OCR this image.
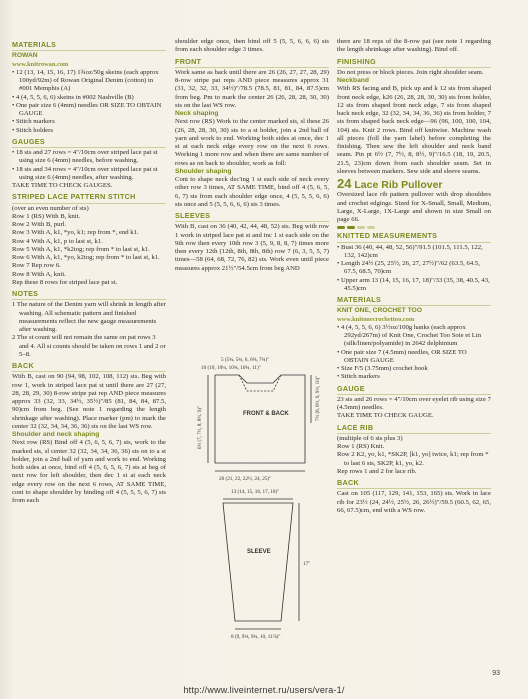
MATERIALS
ROWAN
www.knitrowan.com

• 12 (13, 14, 15, 16, 17) 1¾oz/50g skeins (each approx 100yd/92m) of Rowan Original Denim (cotton) in #001 Memphis (A)

• 4 (4, 5, 5, 6, 6) skeins in #002 Nashville (B)

• One pair size 6 (4mm) needles OR SIZE TO OBTAIN GAUGE

• Stitch markers

• Stitch holders

GAUGES

• 18 sts and 27 rows = 4"/10cm over striped lace pat st using size 6 (4mm) needles, before washing.

• 18 sts and 34 rows = 4"/10cm over striped lace pat st using size 6 (4mm) needles, after washing.

TAKE TIME TO CHECK GAUGES.

STRIPED LACE PATTERN STITCH

(over an even number of sts)

Row 1 (RS) With B, knit.

Row 2 With B, purl.

Row 3 With A, k1, *yo, k1; rep from *, end k1.

Row 4 With A, k1, p to last st, k1.

Row 5 With A, k1, *k2tog; rep from * to last st, k1.

Row 6 With A, k1, *yo, k2tog; rep from * to last st, k1.

Row 7 Rep row 6.

Row 8 With A, knit.

Rep these 8 rows for striped lace pat st.

NOTES

1 The nature of the Denim yarn will shrink in length after washing. All schematic pattern and finished measurements reflect the new gauge measurements after washing.

2 The st count will not remain the same on pat rows 3 and 4. All st counts should be taken on rows 1 and 2 or 5–8.

BACK

With B, cast on 90 (94, 98, 102, 108, 112) sts. Beg with row 1, work in striped lace pat st until there are 27 (27, 28, 28, 29, 30) 8-row stripe pat rep AND piece measures approx 33 (32, 33, 34½, 35½)"/85 (81, 84, 84, 87.5, 90)cm from beg. (See note 1 regarding the length shrinkage after washing). Place marker (pm) to mark the center 32 (32, 34, 34, 36, 36) sts on the last WS row.

Shoulder and neck shaping

Next row (RS) Bind off 4 (5, 6, 5, 6, 7) sts, work to the marked sts, sl center 32 (32, 34, 34, 36, 36) sts on to a st holder, join a 2nd ball of yarn and work to end. Working both sides at once, bind off 4 (5, 6, 5, 6, 7) sts at beg of next row for left shoulder, then dec 1 st at each neck edge every row on the next 6 rows, AT SAME TIME, cont to shape shoulder by binding off 4 (5, 5, 5, 6, 7) sts from each

shoulder edge once, then bind off 5 (5, 5, 6, 6, 6) sts from each shoulder edge 3 times.

FRONT

Work same as back until there are 26 (26, 27, 27, 28, 29) 8-row stripe pat reps AND piece measures approx 31 (31, 32, 32, 33, 34½)"/78.5 (78.5, 81, 81, 84, 87.5)cm from beg. Pm to mark the center 26 (26, 28, 28, 30, 30) sts on the last WS row.

Neck shaping

Next row (RS) Work to the center marked sts, sl these 26 (26, 28, 28, 30, 30) sts to a st holder, join a 2nd ball of yarn and work to end. Working both sides at once, dec 1 st at each neck edge every row on the next 6 rows. Working 1 more row and when there are same number of rows as on back to shoulder, work as foll:

Shoulder shaping

Cont to shape neck dec'ing 1 st each side of neck every other row 3 times, AT SAME TIME, bind off 4 (5, 6, 5, 6, 7) sts from each shoulder edge once, 4 (5, 5, 5, 6, 6) sts once and 5 (5, 5, 6, 6, 6) sts 3 times.

SLEEVES

With B, cast on 36 (40, 42, 44, 48, 52) sts. Beg with row 1 work in striped lace pat st and inc 1 st each side on the 9th row then every 10th row 3 (5, 9, 8, 8, 7) times more then every 12th (12th, 8th, 8th, 8th) row 7 (6, 3, 5, 5, 7) times—58 (64, 68, 72, 76, 82) sts. Work even until piece measures approx 21½"/54.5cm from beg AND

5 (5¾, 5¾, 6, 6⅝, 7¾)"
10 (10, 10¼, 10¾, 10¾, 11)"
FRONT & BACK
6½ (7, 7½, 8, 8½, 9)"
7½ (8, 8½, 9, 9½, 10)"
20 (21, 22, 22½, 24, 25)"
13 (14, 15, 16, 17, 18)"
SLEEVE
17"
8 (9, 9⅛, 9¾, 10, 11⅞)"

there are 18 reps of the 8-row pat (see note 1 regarding the length shrinkage after washing). Bind off.

FINISHING

Do not press or block pieces. Join right shoulder seam.

Neckband

With RS facing and B, pick up and k 12 sts from shaped front neck edge, k26 (26, 28, 28, 30, 30) sts from holder, 12 sts from shaped front neck edge, 7 sts from shaped back neck edge, 32 (32, 34, 34, 36, 36) sts from holder, 7 sts from shaped back neck edge—96 (96, 100, 100, 104, 104) sts. Knit 2 rows. Bind off knitwise. Machine wash all pieces (foll the yarn label) before completing the finishing. Then sew the left shoulder and neck band seam. Pin pt 6½ (7, 7½, 8, 8½, 9)"/16.5 (18, 19, 20.5, 21.5, 23)cm down from each shoulder seam. Set in sleeves between markers. Sew side and sleeve seams.

24 Lace Rib Pullover

Oversized lace rib pattern pullover with drop shoulders and crochet edgings. Sized for X-Small, Small, Medium, Large, X-Large, 1X-Large and shown in size Small on page 66.

KNITTED MEASUREMENTS

• Bust 36 (40, 44, 48, 52, 56)"/91.5 (101.5, 111.5, 122, 132, 142)cm

• Length 24½ (25, 25½, 26, 27, 27½)"/62 (63.5, 64.5, 67.5, 68.5, 70)cm

• Upper arm 13 (14, 15, 16, 17, 18)"/33 (35, 38, 40.5, 43, 45.5)cm

MATERIALS
KNIT ONE, CROCHET TOO
www.knitonecrochettoo.com

• 4 (4, 5, 5, 6, 6) 3½oz/100g hanks (each approx 292yd/267m) of Knit One, Crochet Too Soie et Lin (silk/linen/polyamide) in 2642 delphinium

• One pair size 7 (4.5mm) needles, OR SIZE TO OBTAIN GAUGE

• Size F/5 (3.75mm) crochet hook

• Stitch markers

GAUGE

23 sts and 26 rows = 4"/10cm over eyelet rib using size 7 (4.5mm) needles.

TAKE TIME TO CHECK GAUGE.

LACE RIB

(multiple of 6 sts plus 3)

Row 1 (RS) Knit.

Row 2 K2, yo, k1, *SK2P, [k1, yo] twice, k1; rep from * to last 6 sts, SK2P, k1, yo, k2.

Rep rows 1 and 2 for lace rib.

BACK

Cast on 105 (117, 129, 141, 153, 165) sts. Work in lace rib for 23½ (24, 24½, 25½, 26, 26½)"/59.5 (60.5, 62, 65, 66, 67.5)cm, end with a WS row.

93
http://www.liveinternet.ru/users/vera-1/
